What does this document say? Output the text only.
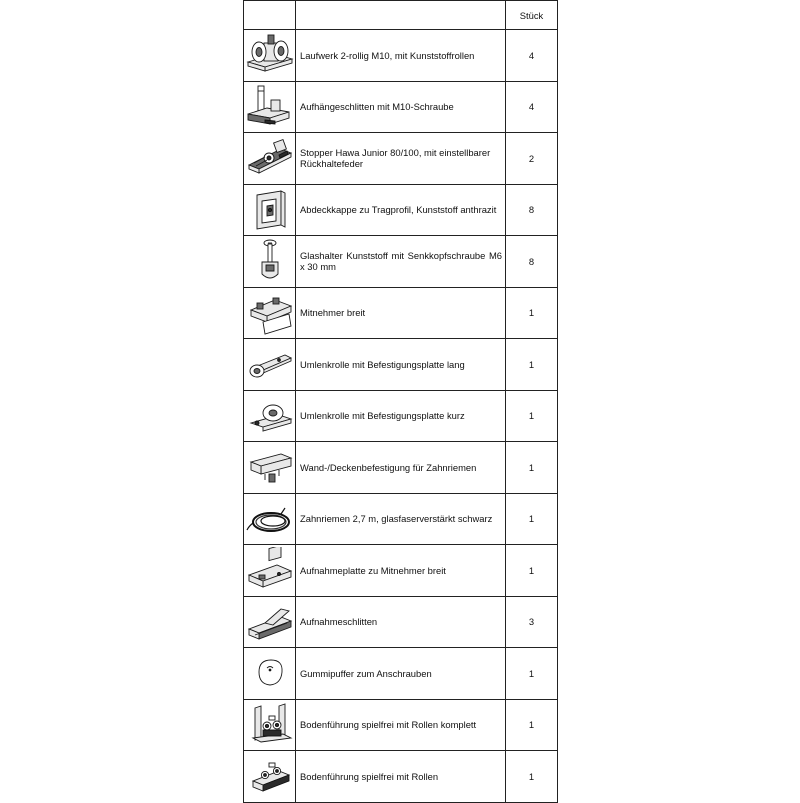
		Stück

	Laufwerk 2-rollig M10, mit Kunststoffrollen	4

	Aufhängeschlitten mit M10-Schraube	4

	Stopper Hawa Junior 80/100, mit einstellbarer Rückhaltefeder	2

	Abdeckkappe zu Tragprofil, Kunststoff anthrazit	8

	Glashalter Kunststoff mit Senkkopfschraube M6 x 30 mm	8

	Mitnehmer breit	1

	Umlenkrolle mit Befestigungsplatte lang	1

	Umlenkrolle mit Befestigungsplatte kurz	1

	Wand-/Deckenbefestigung für Zahnriemen	1

	Zahnriemen 2,7 m, glasfaserverstärkt schwarz	1

	Aufnahmeplatte zu Mitnehmer breit	1

	Aufnahmeschlitten	3

	Gummipuffer zum Anschrauben	1

	Bodenführung spielfrei mit Rollen komplett	1

	Bodenführung spielfrei mit Rollen	1
